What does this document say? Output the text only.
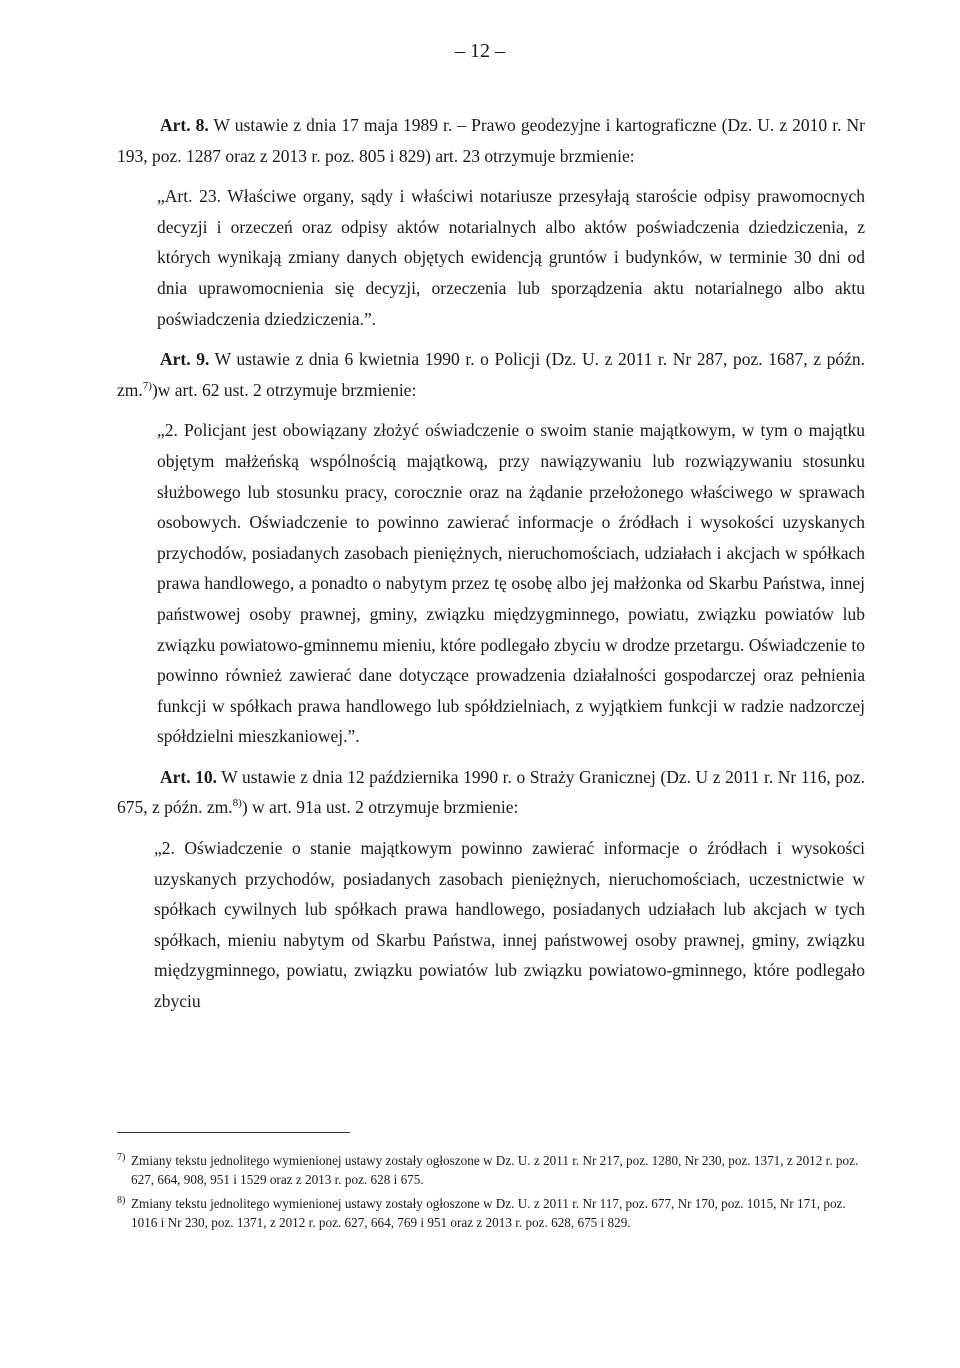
– 12 –

Art. 8. W ustawie z dnia 17 maja 1989 r. – Prawo geodezyjne i kartograficzne (Dz. U. z 2010 r. Nr 193, poz. 1287 oraz z 2013 r. poz. 805 i 829) art. 23 otrzymuje brzmienie:

„Art. 23. Właściwe organy, sądy i właściwi notariusze przesyłają staroście odpisy prawomocnych decyzji i orzeczeń oraz odpisy aktów notarialnych albo aktów poświadczenia dziedziczenia, z których wynikają zmiany danych objętych ewidencją gruntów i budynków, w terminie 30 dni od dnia uprawomocnienia się decyzji, orzeczenia lub sporządzenia aktu notarialnego albo aktu poświadczenia dziedziczenia.”.

Art. 9. W ustawie z dnia 6 kwietnia 1990 r. o Policji (Dz. U. z 2011 r. Nr 287, poz. 1687, z późn. zm.$^{7)}$)w art. 62 ust. 2 otrzymuje brzmienie:

„2. Policjant jest obowiązany złożyć oświadczenie o swoim stanie majątkowym, w tym o majątku objętym małżeńską wspólnością majątkową, przy nawiązywaniu lub rozwiązywaniu stosunku służbowego lub stosunku pracy, corocznie oraz na żądanie przełożonego właściwego w sprawach osobowych. Oświadczenie to powinno zawierać informacje o źródłach i wysokości uzyskanych przychodów, posiadanych zasobach pieniężnych, nieruchomościach, udziałach i akcjach w spółkach prawa handlowego, a ponadto o nabytym przez tę osobę albo jej małżonka od Skarbu Państwa, innej państwowej osoby prawnej, gminy, związku międzygminnego, powiatu, związku powiatów lub związku powiatowo-gminnemu mieniu, które podlegało zbyciu w drodze przetargu. Oświadczenie to powinno również zawierać dane dotyczące prowadzenia działalności gospodarczej oraz pełnienia funkcji w spółkach prawa handlowego lub spółdzielniach, z wyjątkiem funkcji w radzie nadzorczej spółdzielni mieszkaniowej.”.

Art. 10. W ustawie z dnia 12 października 1990 r. o Straży Granicznej (Dz. U z 2011 r. Nr 116, poz. 675, z późn. zm.$^{8)}$) w art. 91a ust. 2 otrzymuje brzmienie:

„2. Oświadczenie o stanie majątkowym powinno zawierać informacje o źródłach i wysokości uzyskanych przychodów, posiadanych zasobach pieniężnych, nieruchomościach, uczestnictwie w spółkach cywilnych lub spółkach prawa handlowego, posiadanych udziałach lub akcjach w tych spółkach, mieniu nabytym od Skarbu Państwa, innej państwowej osoby prawnej, gminy, związku międzygminnego, powiatu, związku powiatów lub związku powiatowo-gminnego, które podlegało zbyciu

7) Zmiany tekstu jednolitego wymienionej ustawy zostały ogłoszone w Dz. U. z 2011 r. Nr 217, poz. 1280, Nr 230, poz. 1371, z 2012 r. poz. 627, 664, 908, 951 i 1529 oraz z 2013 r. poz. 628 i 675.

8) Zmiany tekstu jednolitego wymienionej ustawy zostały ogłoszone w Dz. U. z 2011 r. Nr 117, poz. 677, Nr 170, poz. 1015, Nr 171, poz. 1016 i Nr 230, poz. 1371, z 2012 r. poz. 627, 664, 769 i 951 oraz z 2013 r. poz. 628, 675 i 829.
